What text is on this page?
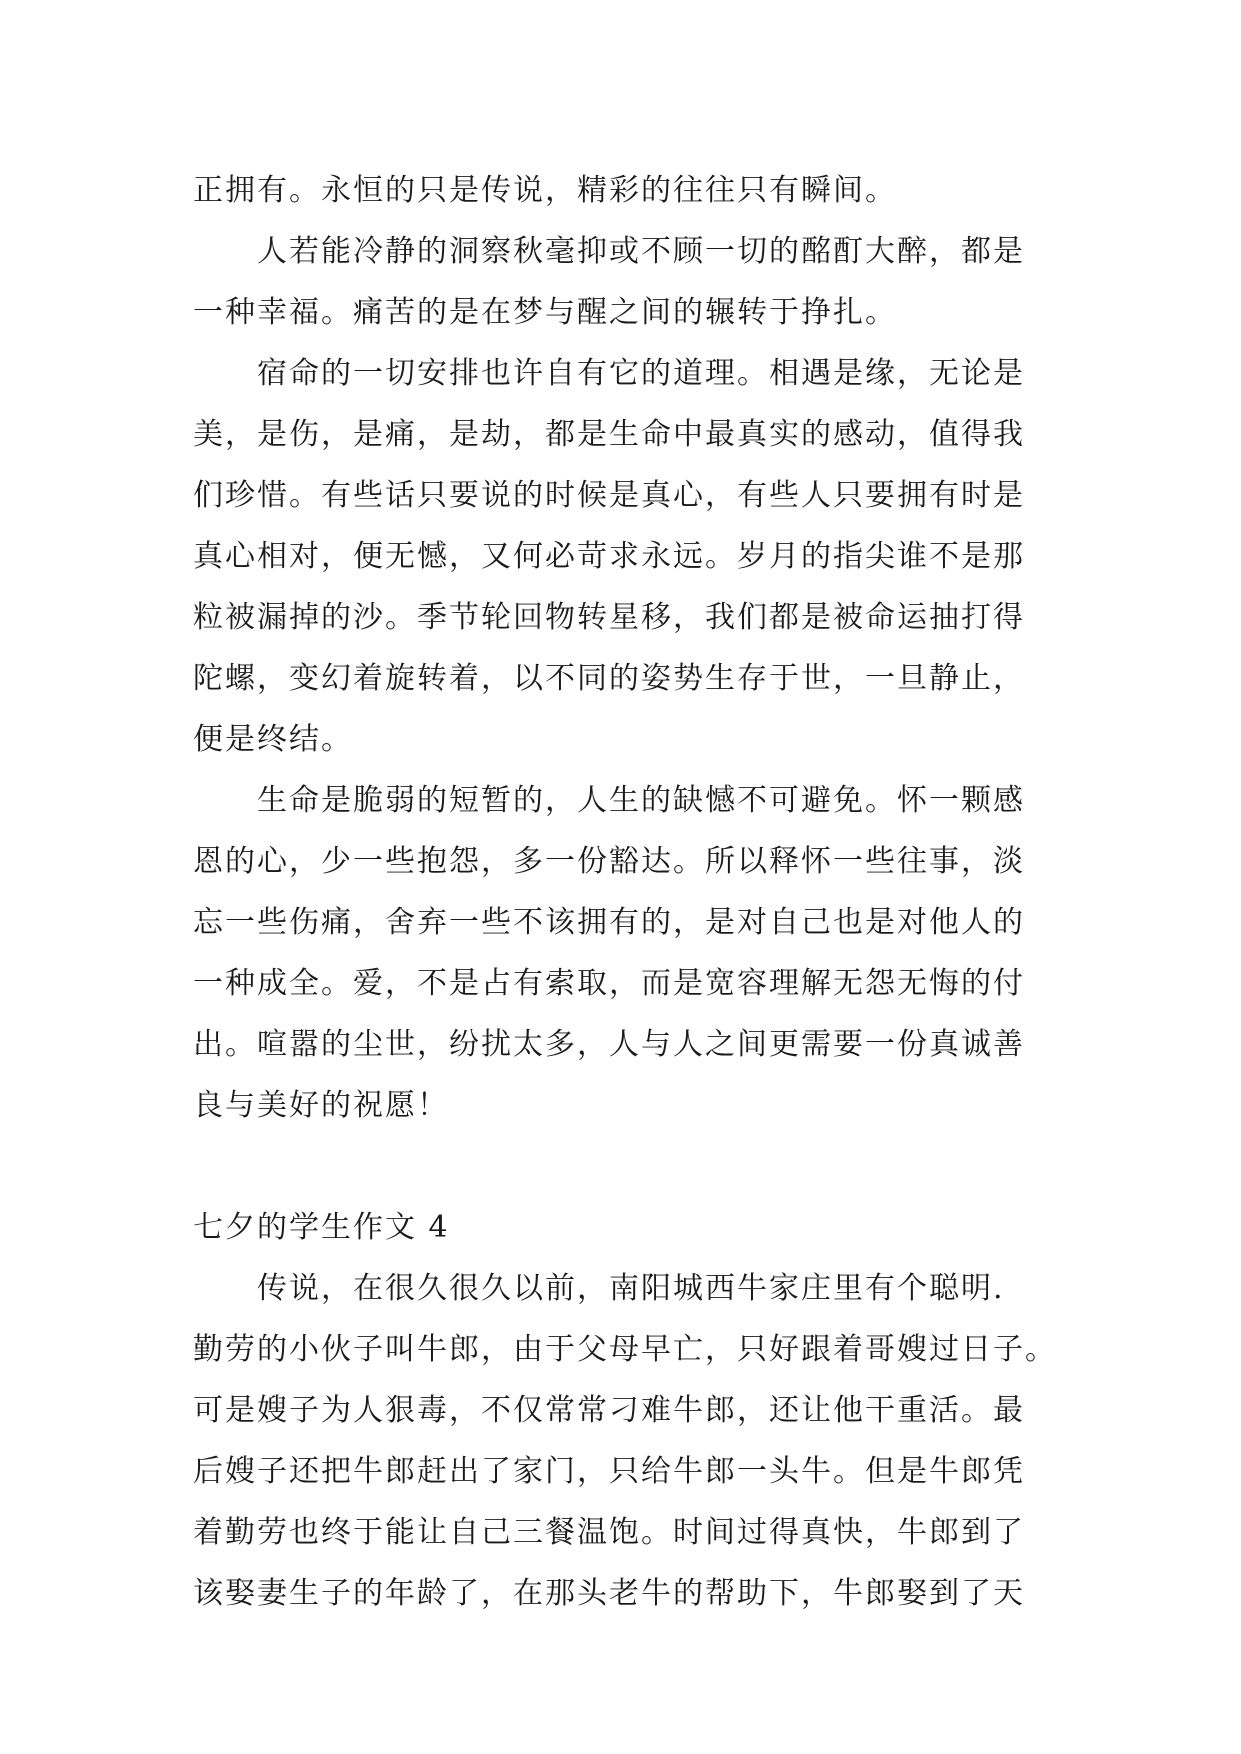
正拥有。永恒的只是传说，精彩的往往只有瞬间。
人若能冷静的洞察秋毫抑或不顾一切的酩酊大醉，都是
一种幸福。痛苦的是在梦与醒之间的辗转于挣扎。
宿命的一切安排也许自有它的道理。相遇是缘，无论是
美，是伤，是痛，是劫，都是生命中最真实的感动，值得我
们珍惜。有些话只要说的时候是真心，有些人只要拥有时是
真心相对，便无憾，又何必苛求永远。岁月的指尖谁不是那
粒被漏掉的沙。季节轮回物转星移，我们都是被命运抽打得
陀螺，变幻着旋转着，以不同的姿势生存于世，一旦静止，
便是终结。
生命是脆弱的短暂的，人生的缺憾不可避免。怀一颗感
恩的心，少一些抱怨，多一份豁达。所以释怀一些往事，淡
忘一些伤痛，舍弃一些不该拥有的，是对自己也是对他人的
一种成全。爱，不是占有索取，而是宽容理解无怨无悔的付
出。喧嚣的尘世，纷扰太多，人与人之间更需要一份真诚善
良与美好的祝愿！
七夕的学生作文 4
传说，在很久很久以前，南阳城西牛家庄里有个聪明.
勤劳的小伙子叫牛郎，由于父母早亡，只好跟着哥嫂过日子。
可是嫂子为人狠毒，不仅常常刁难牛郎，还让他干重活。最
后嫂子还把牛郎赶出了家门，只给牛郎一头牛。但是牛郎凭
着勤劳也终于能让自己三餐温饱。时间过得真快，牛郎到了
该娶妻生子的年龄了，在那头老牛的帮助下，牛郎娶到了天
